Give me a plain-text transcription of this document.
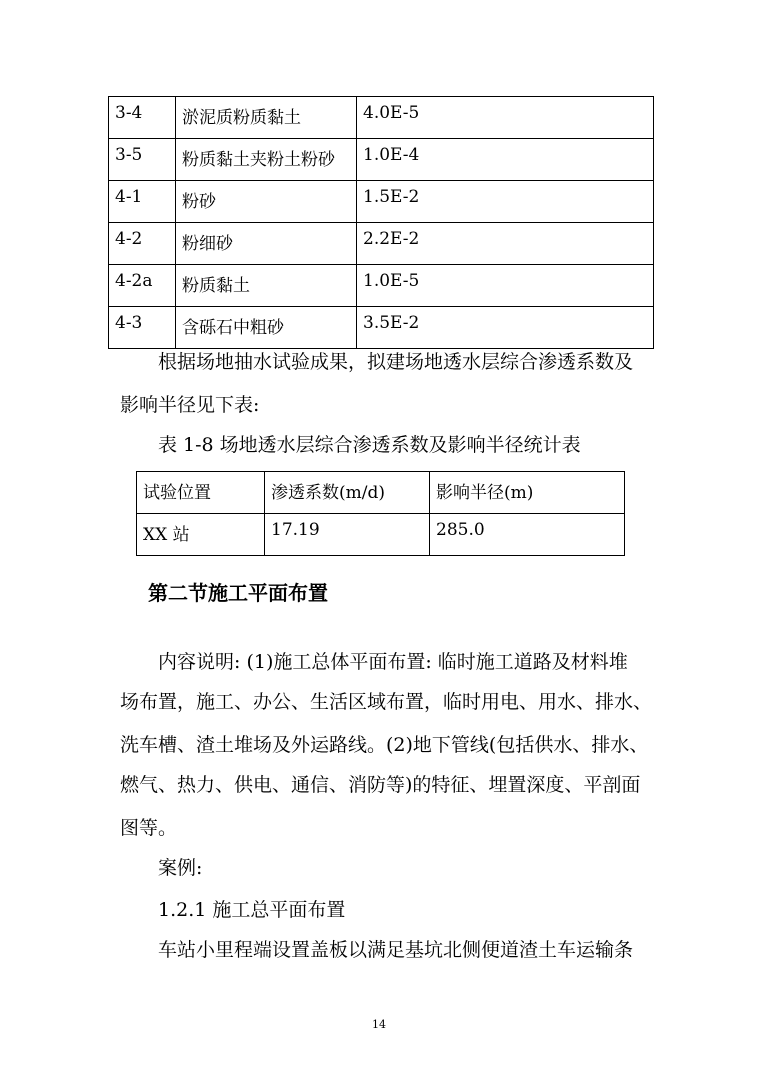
3-4	淤泥质粉质黏土	4.0E-5
3-5	粉质黏土夹粉土粉砂	1.0E-4
4-1	粉砂	1.5E-2
4-2	粉细砂	2.2E-2
4-2a	粉质黏土	1.0E-5
4-3	含砾石中粗砂	3.5E-2
根据场地抽水试验成果，拟建场地透水层综合渗透系数及
影响半径见下表:
表 1-8 场地透水层综合渗透系数及影响半径统计表
试验位置	渗透系数(m/d)	影响半径(m)
XX 站	17.19	285.0
第二节施工平面布置
内容说明: (1)施工总体平面布置: 临时施工道路及材料堆
场布置，施工、办公、生活区域布置，临时用电、用水、排水、
洗车槽、渣土堆场及外运路线。(2)地下管线(包括供水、排水、
燃气、热力、供电、通信、消防等)的特征、埋置深度、平剖面
图等。
案例:
1.2.1 施工总平面布置
车站小里程端设置盖板以满足基坑北侧便道渣土车运输条
14
